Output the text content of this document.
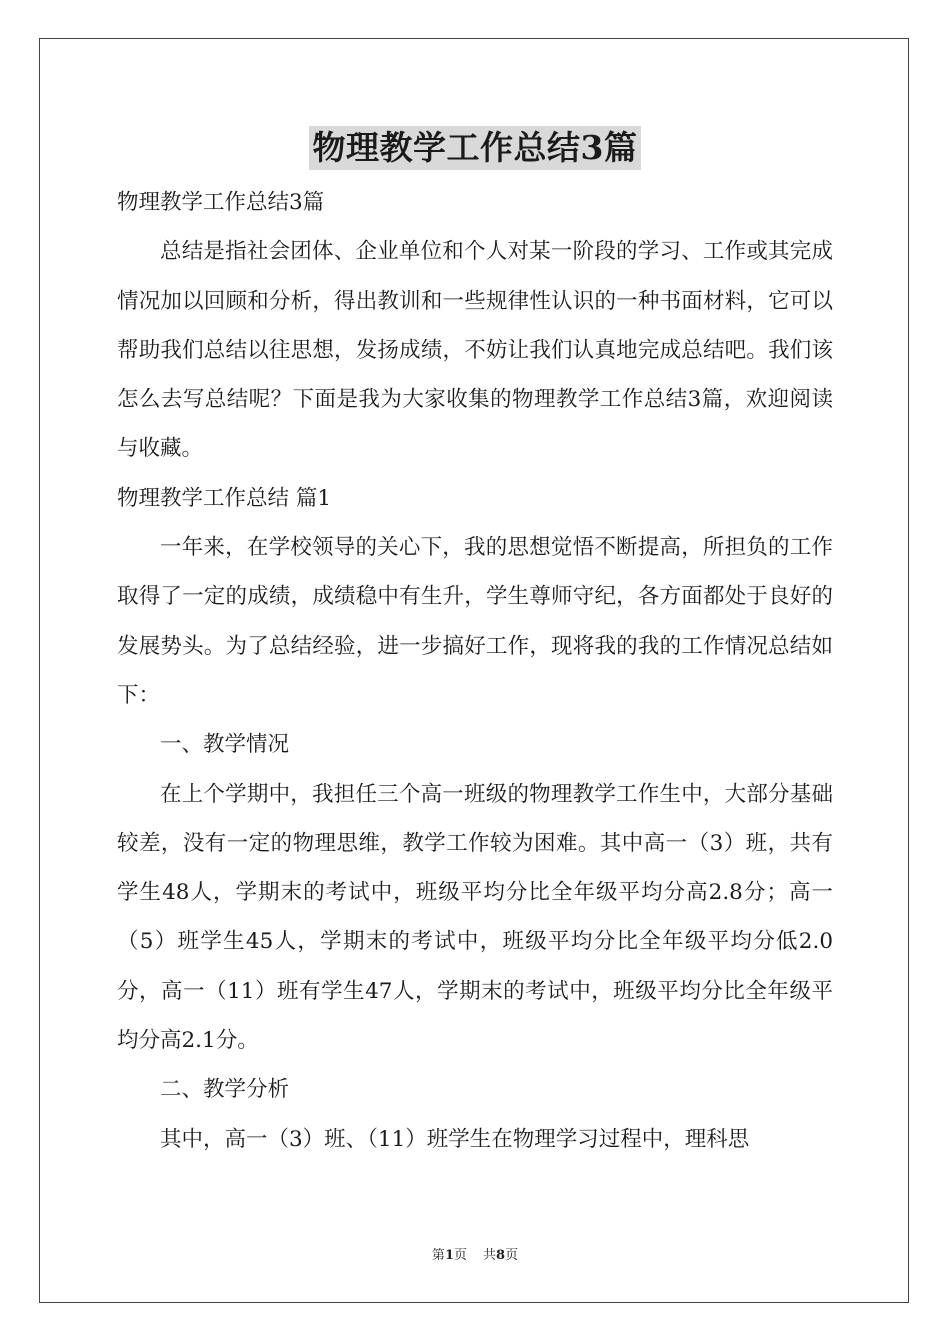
物理教学工作总结3篇

物理教学工作总结3篇

总结是指社会团体、企业单位和个人对某一阶段的学习、工作或其完成情况加以回顾和分析，得出教训和一些规律性认识的一种书面材料，它可以帮助我们总结以往思想，发扬成绩，不妨让我们认真地完成总结吧。我们该怎么去写总结呢？下面是我为大家收集的物理教学工作总结3篇，欢迎阅读与收藏。

物理教学工作总结 篇1

一年来，在学校领导的关心下，我的思想觉悟不断提高，所担负的工作取得了一定的成绩，成绩稳中有生升，学生尊师守纪，各方面都处于良好的发展势头。为了总结经验，进一步搞好工作，现将我的我的工作情况总结如下：

一、教学情况

在上个学期中，我担任三个高一班级的物理教学工作生中，大部分基础较差，没有一定的物理思维，教学工作较为困难。其中高一（3）班，共有学生48人，学期末的考试中，班级平均分比全年级平均分高2.8分；高一（5）班学生45人，学期末的考试中，班级平均分比全年级平均分低2.0分，高一（11）班有学生47人，学期末的考试中，班级平均分比全年级平均分高2.1分。

二、教学分析

其中，高一（3）班、（11）班学生在物理学习过程中，理科思

第1页 共8页
